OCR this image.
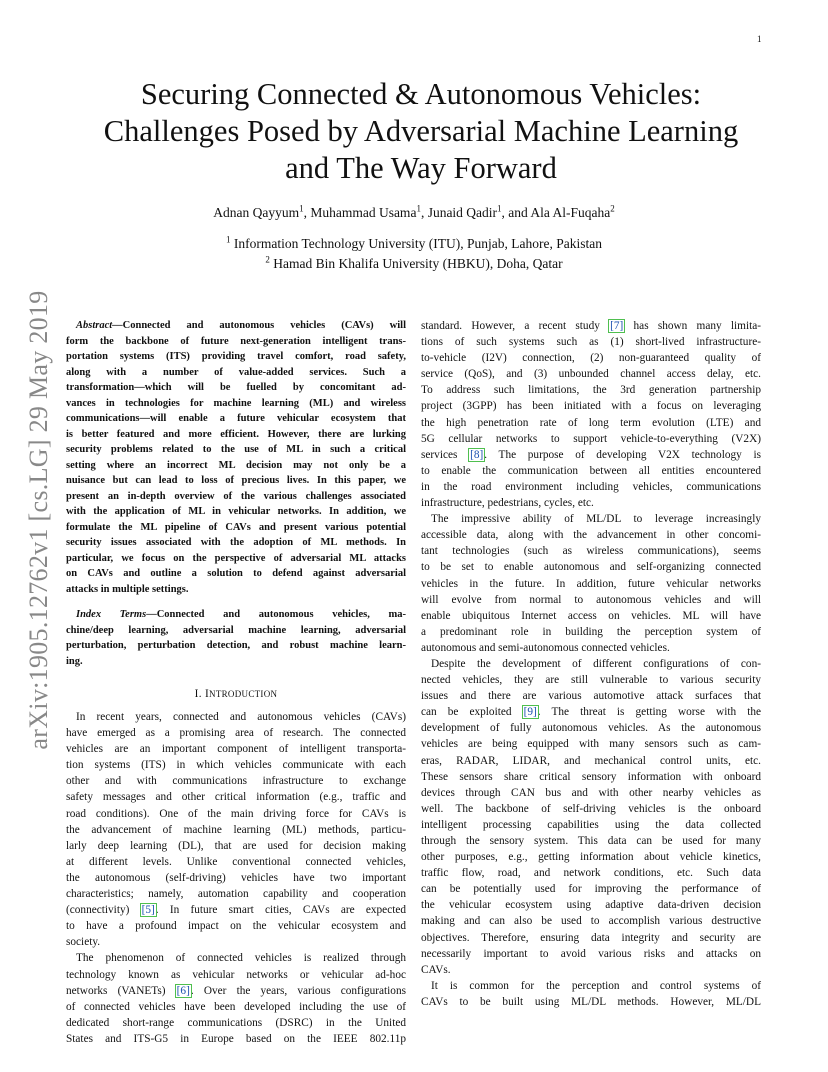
1
arXiv:1905.12762v1 [cs.LG] 29 May 2019
Securing Connected & Autonomous Vehicles:
Challenges Posed by Adversarial Machine Learning
and The Way Forward
Adnan Qayyum$^1$, Muhammad Usama$^1$, Junaid Qadir$^1$, and Ala Al-Fuqaha$^2$
$^1$ Information Technology University (ITU), Punjab, Lahore, Pakistan
$^2$ Hamad Bin Khalifa University (HBKU), Doha, Qatar
Abstract—Connected and autonomous vehicles (CAVs) will
form the backbone of future next-generation intelligent trans-
portation systems (ITS) providing travel comfort, road safety,
along with a number of value-added services. Such a
transformation—which will be fuelled by concomitant ad-
vances in technologies for machine learning (ML) and wireless
communications—will enable a future vehicular ecosystem that
is better featured and more efficient. However, there are lurking
security problems related to the use of ML in such a critical
setting where an incorrect ML decision may not only be a
nuisance but can lead to loss of precious lives. In this paper, we
present an in-depth overview of the various challenges associated
with the application of ML in vehicular networks. In addition, we
formulate the ML pipeline of CAVs and present various potential
security issues associated with the adoption of ML methods. In
particular, we focus on the perspective of adversarial ML attacks
on CAVs and outline a solution to defend against adversarial
attacks in multiple settings.
Index Terms—Connected and autonomous vehicles, ma-
chine/deep learning, adversarial machine learning, adversarial
perturbation, perturbation detection, and robust machine learn-
ing.
I. INTRODUCTION
In recent years, connected and autonomous vehicles (CAVs)
have emerged as a promising area of research. The connected
vehicles are an important component of intelligent transporta-
tion systems (ITS) in which vehicles communicate with each
other and with communications infrastructure to exchange
safety messages and other critical information (e.g., traffic and
road conditions). One of the main driving force for CAVs is
the advancement of machine learning (ML) methods, particu-
larly deep learning (DL), that are used for decision making
at different levels. Unlike conventional connected vehicles,
the autonomous (self-driving) vehicles have two important
characteristics; namely, automation capability and cooperation
(connectivity) [5]. In future smart cities, CAVs are expected
to have a profound impact on the vehicular ecosystem and
society.
The phenomenon of connected vehicles is realized through
technology known as vehicular networks or vehicular ad-hoc
networks (VANETs) [6]. Over the years, various configurations
of connected vehicles have been developed including the use of
dedicated short-range communications (DSRC) in the United
States and ITS-G5 in Europe based on the IEEE 802.11p
standard. However, a recent study [7] has shown many limita-
tions of such systems such as (1) short-lived infrastructure-
to-vehicle (I2V) connection, (2) non-guaranteed quality of
service (QoS), and (3) unbounded channel access delay, etc.
To address such limitations, the 3rd generation partnership
project (3GPP) has been initiated with a focus on leveraging
the high penetration rate of long term evolution (LTE) and
5G cellular networks to support vehicle-to-everything (V2X)
services [8]. The purpose of developing V2X technology is
to enable the communication between all entities encountered
in the road environment including vehicles, communications
infrastructure, pedestrians, cycles, etc.
The impressive ability of ML/DL to leverage increasingly
accessible data, along with the advancement in other concomi-
tant technologies (such as wireless communications), seems
to be set to enable autonomous and self-organizing connected
vehicles in the future. In addition, future vehicular networks
will evolve from normal to autonomous vehicles and will
enable ubiquitous Internet access on vehicles. ML will have
a predominant role in building the perception system of
autonomous and semi-autonomous connected vehicles.
Despite the development of different configurations of con-
nected vehicles, they are still vulnerable to various security
issues and there are various automotive attack surfaces that
can be exploited [9]. The threat is getting worse with the
development of fully autonomous vehicles. As the autonomous
vehicles are being equipped with many sensors such as cam-
eras, RADAR, LIDAR, and mechanical control units, etc.
These sensors share critical sensory information with onboard
devices through CAN bus and with other nearby vehicles as
well. The backbone of self-driving vehicles is the onboard
intelligent processing capabilities using the data collected
through the sensory system. This data can be used for many
other purposes, e.g., getting information about vehicle kinetics,
traffic flow, road, and network conditions, etc. Such data
can be potentially used for improving the performance of
the vehicular ecosystem using adaptive data-driven decision
making and can also be used to accomplish various destructive
objectives. Therefore, ensuring data integrity and security are
necessarily important to avoid various risks and attacks on
CAVs.
It is common for the perception and control systems of
CAVs to be built using ML/DL methods. However, ML/DL
